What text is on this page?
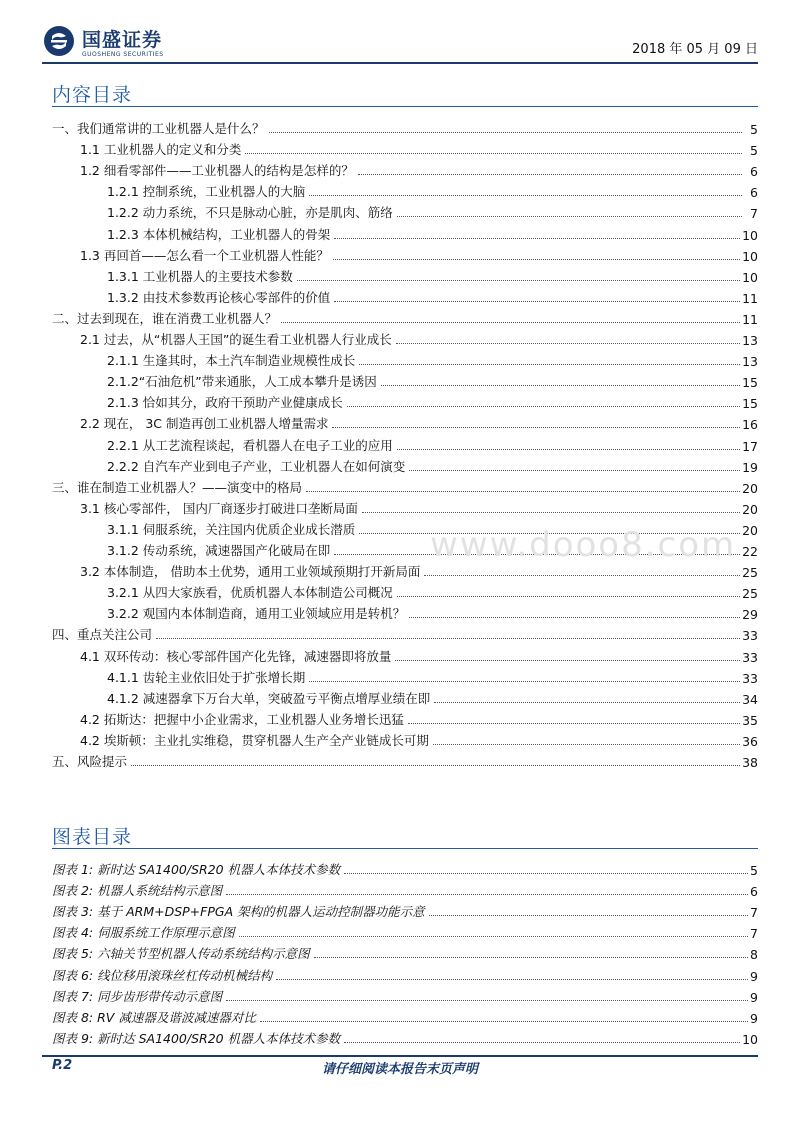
国盛证券
GUOSHENG SECURITIES	2018 年 05 月 09 日
内容目录
一、我们通常讲的工业机器人是什么？	5
1.1 工业机器人的定义和分类	5
1.2 细看零部件——工业机器人的结构是怎样的？	6
1.2.1 控制系统，工业机器人的大脑	6
1.2.2 动力系统，不只是脉动心脏，亦是肌肉、筋络	7
1.2.3 本体机械结构，工业机器人的骨架	10
1.3 再回首——怎么看一个工业机器人性能？	10
1.3.1 工业机器人的主要技术参数	10
1.3.2 由技术参数再论核心零部件的价值	11
二、过去到现在，谁在消费工业机器人？	11
2.1 过去，从“机器人王国”的诞生看工业机器人行业成长	13
2.1.1 生逢其时，本土汽车制造业规模性成长	13
2.1.2“石油危机”带来通胀，人工成本攀升是诱因	15
2.1.3 恰如其分，政府干预助产业健康成长	15
2.2 现在， 3C 制造再创工业机器人增量需求	16
2.2.1 从工艺流程谈起，看机器人在电子工业的应用	17
2.2.2 自汽车产业到电子产业，工业机器人在如何演变	19
三、谁在制造工业机器人？——演变中的格局	20
3.1 核心零部件， 国内厂商逐步打破进口垄断局面	20
3.1.1 伺服系统，关注国内优质企业成长潜质	20
3.1.2 传动系统，减速器国产化破局在即	22
3.2 本体制造， 借助本土优势，通用工业领域预期打开新局面	25
3.2.1 从四大家族看，优质机器人本体制造公司概况	25
3.2.2 观国内本体制造商，通用工业领域应用是转机？	29
四、重点关注公司	33
4.1 双环传动：核心零部件国产化先锋，减速器即将放量	33
4.1.1 齿轮主业依旧处于扩张增长期	33
4.1.2 减速器拿下万台大单，突破盈亏平衡点增厚业绩在即	34
4.2 拓斯达：把握中小企业需求，工业机器人业务增长迅猛	35
4.2 埃斯顿：主业扎实维稳，贯穿机器人生产全产业链成长可期	36
五、风险提示	38
图表目录
图表 1: 新时达 SA1400/SR20 机器人本体技术参数	5
图表 2: 机器人系统结构示意图	6
图表 3: 基于 ARM+DSP+FPGA 架构的机器人运动控制器功能示意	7
图表 4: 伺服系统工作原理示意图	7
图表 5: 六轴关节型机器人传动系统结构示意图	8
图表 6: 线位移用滚珠丝杠传动机械结构	9
图表 7: 同步齿形带传动示意图	9
图表 8: RV 减速器及谐波减速器对比	9
图表 9: 新时达 SA1400/SR20 机器人本体技术参数	10
www.dooo8.com
P.2	请仔细阅读本报告末页声明
